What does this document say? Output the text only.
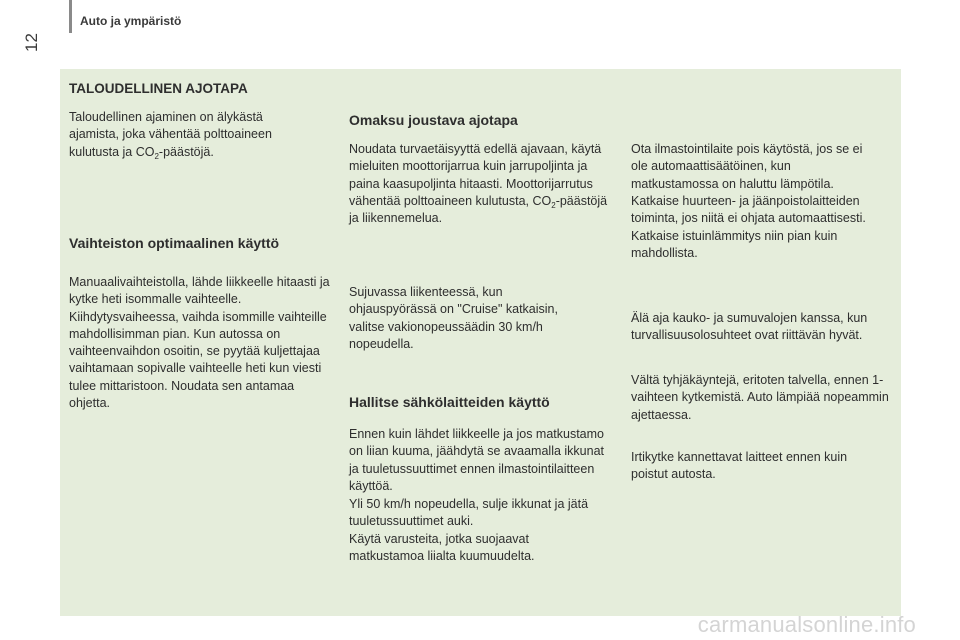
Auto ja ympäristö
12
TALOUDELLINEN AJOTAPA
Taloudellinen ajaminen on älykästä ajamista, joka vähentää polttoaineen kulutusta ja $CO_2$-päästöjä.
Vaihteiston optimaalinen käyttö
Manuaalivaihteistolla, lähde liikkeelle hitaasti ja kytke heti isommalle vaihteelle. Kiihdytysvaiheessa, vaihda isommille vaihteille mahdollisimman pian. Kun autossa on vaihteenvaihdon osoitin, se pyytää kuljettajaa vaihtamaan sopivalle vaihteelle heti kun viesti tulee mittaristoon. Noudata sen antamaa ohjetta.
Omaksu joustava ajotapa
Noudata turvaetäisyyttä edellä ajavaan, käytä mieluiten moottorijarrua kuin jarrupoljinta ja paina kaasupoljinta hitaasti. Moottorijarrutus vähentää polttoaineen kulutusta, $CO_2$-päästöjä ja liikennemelua.
Sujuvassa liikenteessä, kun ohjauspyörässä on "Cruise" katkaisin, valitse vakionopeussäädin 30 km/h nopeudella.
Hallitse sähkölaitteiden käyttö
Ennen kuin lähdet liikkeelle ja jos matkustamo on liian kuuma, jäähdytä se avaamalla ikkunat ja tuuletussuuttimet ennen ilmastointilaitteen käyttöä.
Yli 50 km/h nopeudella, sulje ikkunat ja jätä tuuletussuuttimet auki.
Käytä varusteita, jotka suojaavat matkustamoa liialta kuumuudelta.
Ota ilmastointilaite pois käytöstä, jos se ei ole automaattisäätöinen, kun matkustamossa on haluttu lämpötila.
Katkaise huurteen- ja jäänpoistolaitteiden toiminta, jos niitä ei ohjata automaattisesti.
Katkaise istuinlämmitys niin pian kuin mahdollista.
Älä aja kauko- ja sumuvalojen kanssa, kun turvallisuusolosuhteet ovat riittävän hyvät.
Vältä tyhjäkäyntejä, eritoten talvella, ennen 1-vaihteen kytkemistä. Auto lämpiää nopeammin ajettaessa.
Irtikytke kannettavat laitteet ennen kuin poistut autosta.
carmanualsonline.info
